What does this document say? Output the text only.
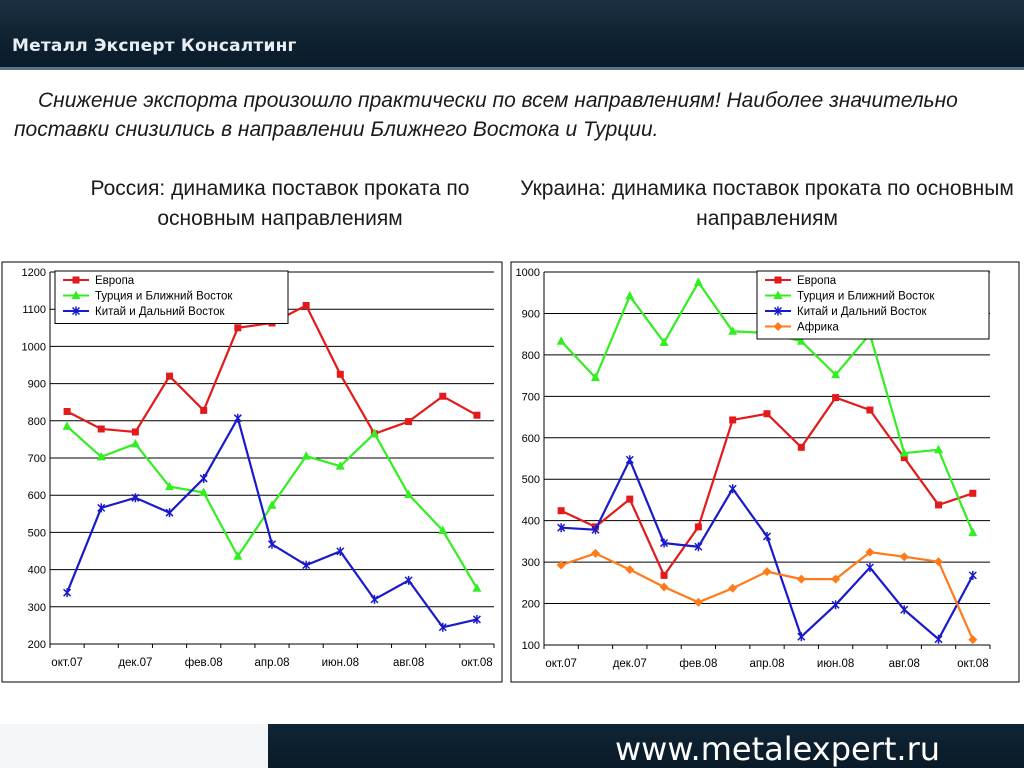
Металл Эксперт Консалтинг
Снижение экспорта произошло практически по всем направлениям! Наиболее значительно поставки снизились в направлении Ближнего Востока и Турции.
Россия: динамика поставок проката по основным направлениям
Украина: динамика поставок проката по основным направлениям
200
300
400
500
600
700
800
900
1000
1100
1200
окт.07	дек.07	фев.08	апр.08	июн.08	авг.08	окт.08
Европа
Турция и Ближний Восток
Китай и Дальний Восток
100
200
300
400
500
600
700
800
900
1000
окт.07	дек.07	фев.08	апр.08	июн.08	авг.08	окт.08
Европа
Турция и Ближний Восток
Китай и Дальний Восток
Африка
www.metalexpert.ru
